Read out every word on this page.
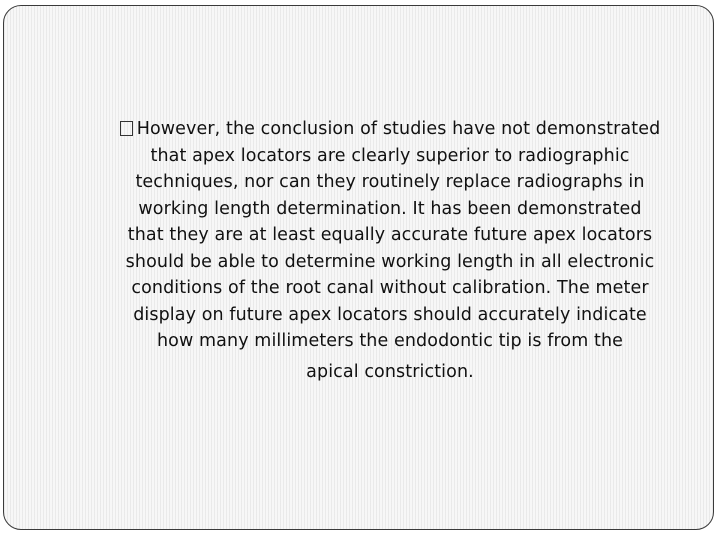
However, the conclusion of studies have not demonstrated
that apex locators are clearly superior to radiographic
techniques, nor can they routinely replace radiographs in
working length determination. It has been demonstrated
that they are at least equally accurate future apex locators
should be able to determine working length in all electronic
conditions of the root canal without calibration. The meter
display on future apex locators should accurately indicate
how many millimeters the endodontic tip is from the
apical constriction.
